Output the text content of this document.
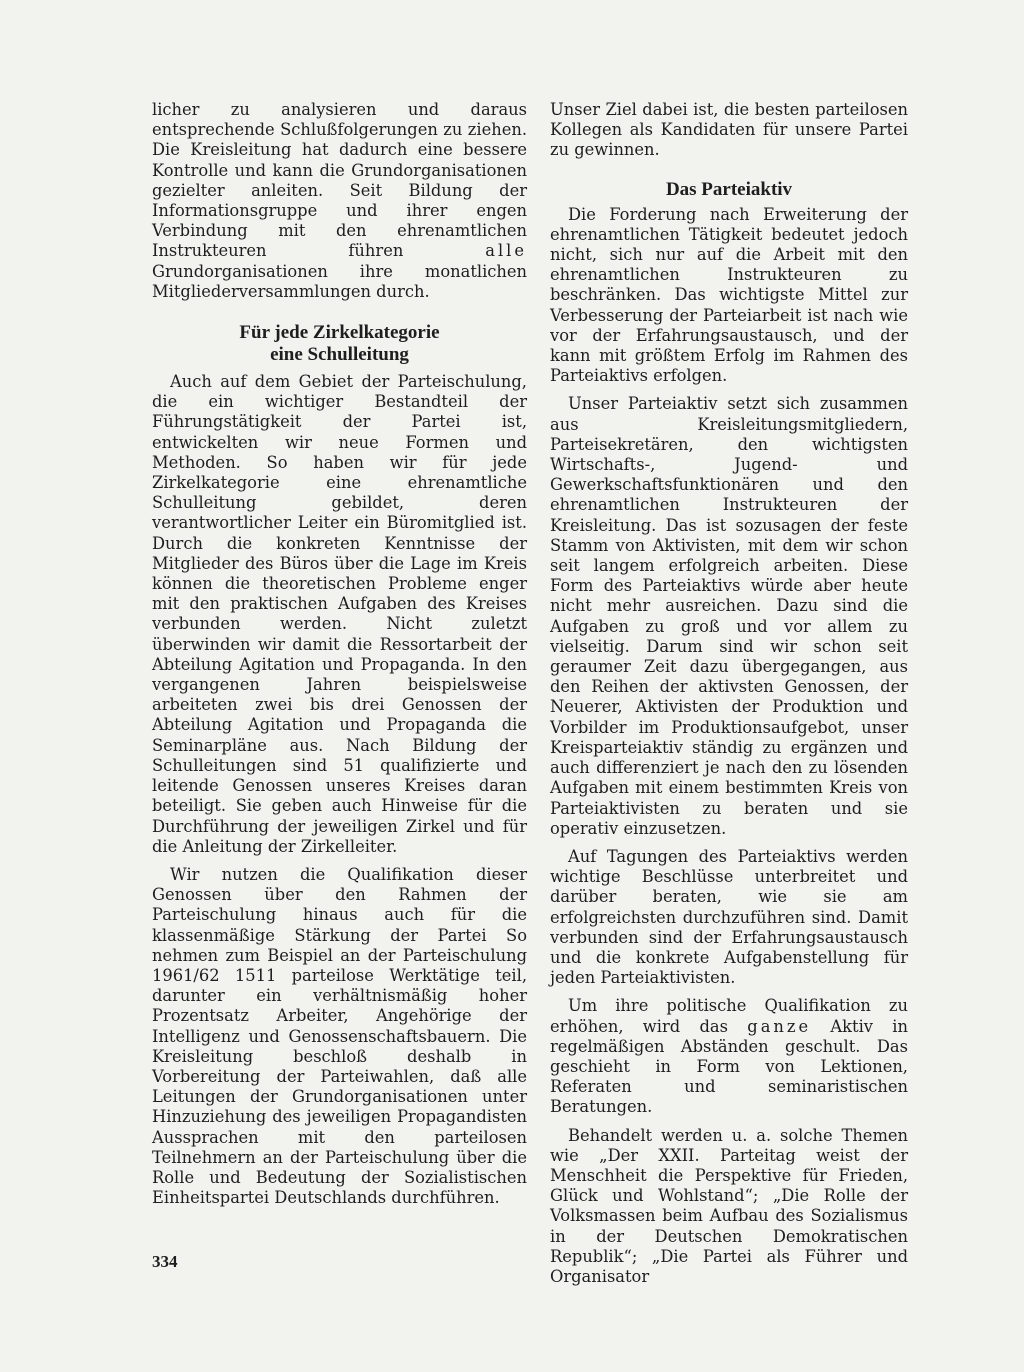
licher zu analysieren und daraus entsprechende Schlußfolgerungen zu ziehen. Die Kreisleitung hat dadurch eine bessere Kontrolle und kann die Grundorganisationen gezielter anleiten. Seit Bildung der Informationsgruppe und ihrer engen Verbindung mit den ehrenamtlichen Instrukteuren führen	alle Grundorganisationen ihre monatlichen Mitgliederversammlungen durch.

Für jede Zirkelkategorie
eine Schulleitung

Auch auf dem Gebiet der Parteischulung, die ein wichtiger Bestandteil der Führungstätigkeit der Partei ist, entwickelten wir neue Formen und Methoden. So haben wir für jede Zirkelkategorie eine ehrenamtliche Schulleitung gebildet, deren verantwortlicher Leiter ein Büromitglied ist. Durch die konkreten Kenntnisse der Mitglieder des Büros über die Lage im Kreis können die theoretischen Probleme enger mit den praktischen Aufgaben des Kreises verbunden werden. Nicht zuletzt überwinden wir damit die Ressortarbeit der Abteilung Agitation und Propaganda. In den vergangenen Jahren beispielsweise arbeiteten zwei bis drei Genossen der Abteilung Agitation und Propaganda die Seminarpläne aus. Nach Bildung der Schulleitungen sind 51 qualifizierte und leitende Genossen unseres Kreises daran beteiligt. Sie geben auch Hinweise für die Durchführung der jeweiligen Zirkel und für die Anleitung der Zirkelleiter.

Wir nutzen die Qualifikation dieser Genossen über den Rahmen der Parteischulung hinaus auch für die klassenmäßige Stärkung der Partei So nehmen zum Beispiel an der Parteischulung 1961/62 1511 parteilose Werktätige teil, darunter ein verhältnismäßig hoher Prozentsatz Arbeiter, Angehörige der Intelligenz und Genossenschaftsbauern. Die Kreisleitung beschloß deshalb in Vorbereitung der Parteiwahlen, daß alle Leitungen der Grundorganisationen unter Hinzuziehung des jeweiligen Propagandisten Aussprachen mit den parteilosen Teilnehmern an der Parteischulung über die Rolle und Bedeutung der Sozialistischen Einheitspartei Deutschlands durchführen.

Unser Ziel dabei ist, die besten parteilosen Kollegen als Kandidaten für unsere Partei zu gewinnen.

Das Parteiaktiv

Die Forderung nach Erweiterung der ehrenamtlichen Tätigkeit bedeutet jedoch nicht, sich nur auf die Arbeit mit den ehrenamtlichen Instrukteuren zu beschränken. Das wichtigste Mittel zur Verbesserung der Parteiarbeit ist nach wie vor der Erfahrungsaustausch, und der kann mit größtem Erfolg im Rahmen des Parteiaktivs erfolgen.

Unser Parteiaktiv setzt sich zusammen aus Kreisleitungsmitgliedern, Parteisekretären, den wichtigsten Wirtschafts-, Jugend- und Gewerkschaftsfunktionären und den ehrenamtlichen Instrukteuren der Kreisleitung. Das ist sozusagen der feste Stamm von Aktivisten, mit dem wir schon seit langem erfolgreich arbeiten. Diese Form des Parteiaktivs würde aber heute nicht mehr ausreichen. Dazu sind die Aufgaben zu groß und vor allem zu vielseitig. Darum sind wir schon seit geraumer Zeit dazu übergegangen, aus den Reihen der aktivsten Genossen, der Neuerer, Aktivisten der Produktion und Vorbilder im Produktionsaufgebot, unser Kreisparteiaktiv ständig zu ergänzen und auch differenziert je nach den zu lösenden Aufgaben mit einem bestimmten Kreis von Parteiaktivisten zu beraten und sie operativ einzusetzen.

Auf Tagungen des Parteiaktivs werden wichtige Beschlüsse unterbreitet und darüber beraten, wie sie am erfolgreichsten durchzuführen sind. Damit verbunden sind der Erfahrungsaustausch und die konkrete Aufgabenstellung für jeden Parteiaktivisten.

Um ihre politische Qualifikation zu erhöhen, wird das ganze Aktiv in regelmäßigen Abständen geschult. Das geschieht in Form von Lektionen, Referaten und seminaristischen Beratungen.

Behandelt werden u. a. solche Themen wie „Der XXII. Parteitag weist der Menschheit die Perspektive für Frieden, Glück und Wohlstand“; „Die Rolle der Volksmassen beim Aufbau des Sozialismus in der Deutschen Demokratischen Republik“; „Die Partei als Führer und Organisator

334
